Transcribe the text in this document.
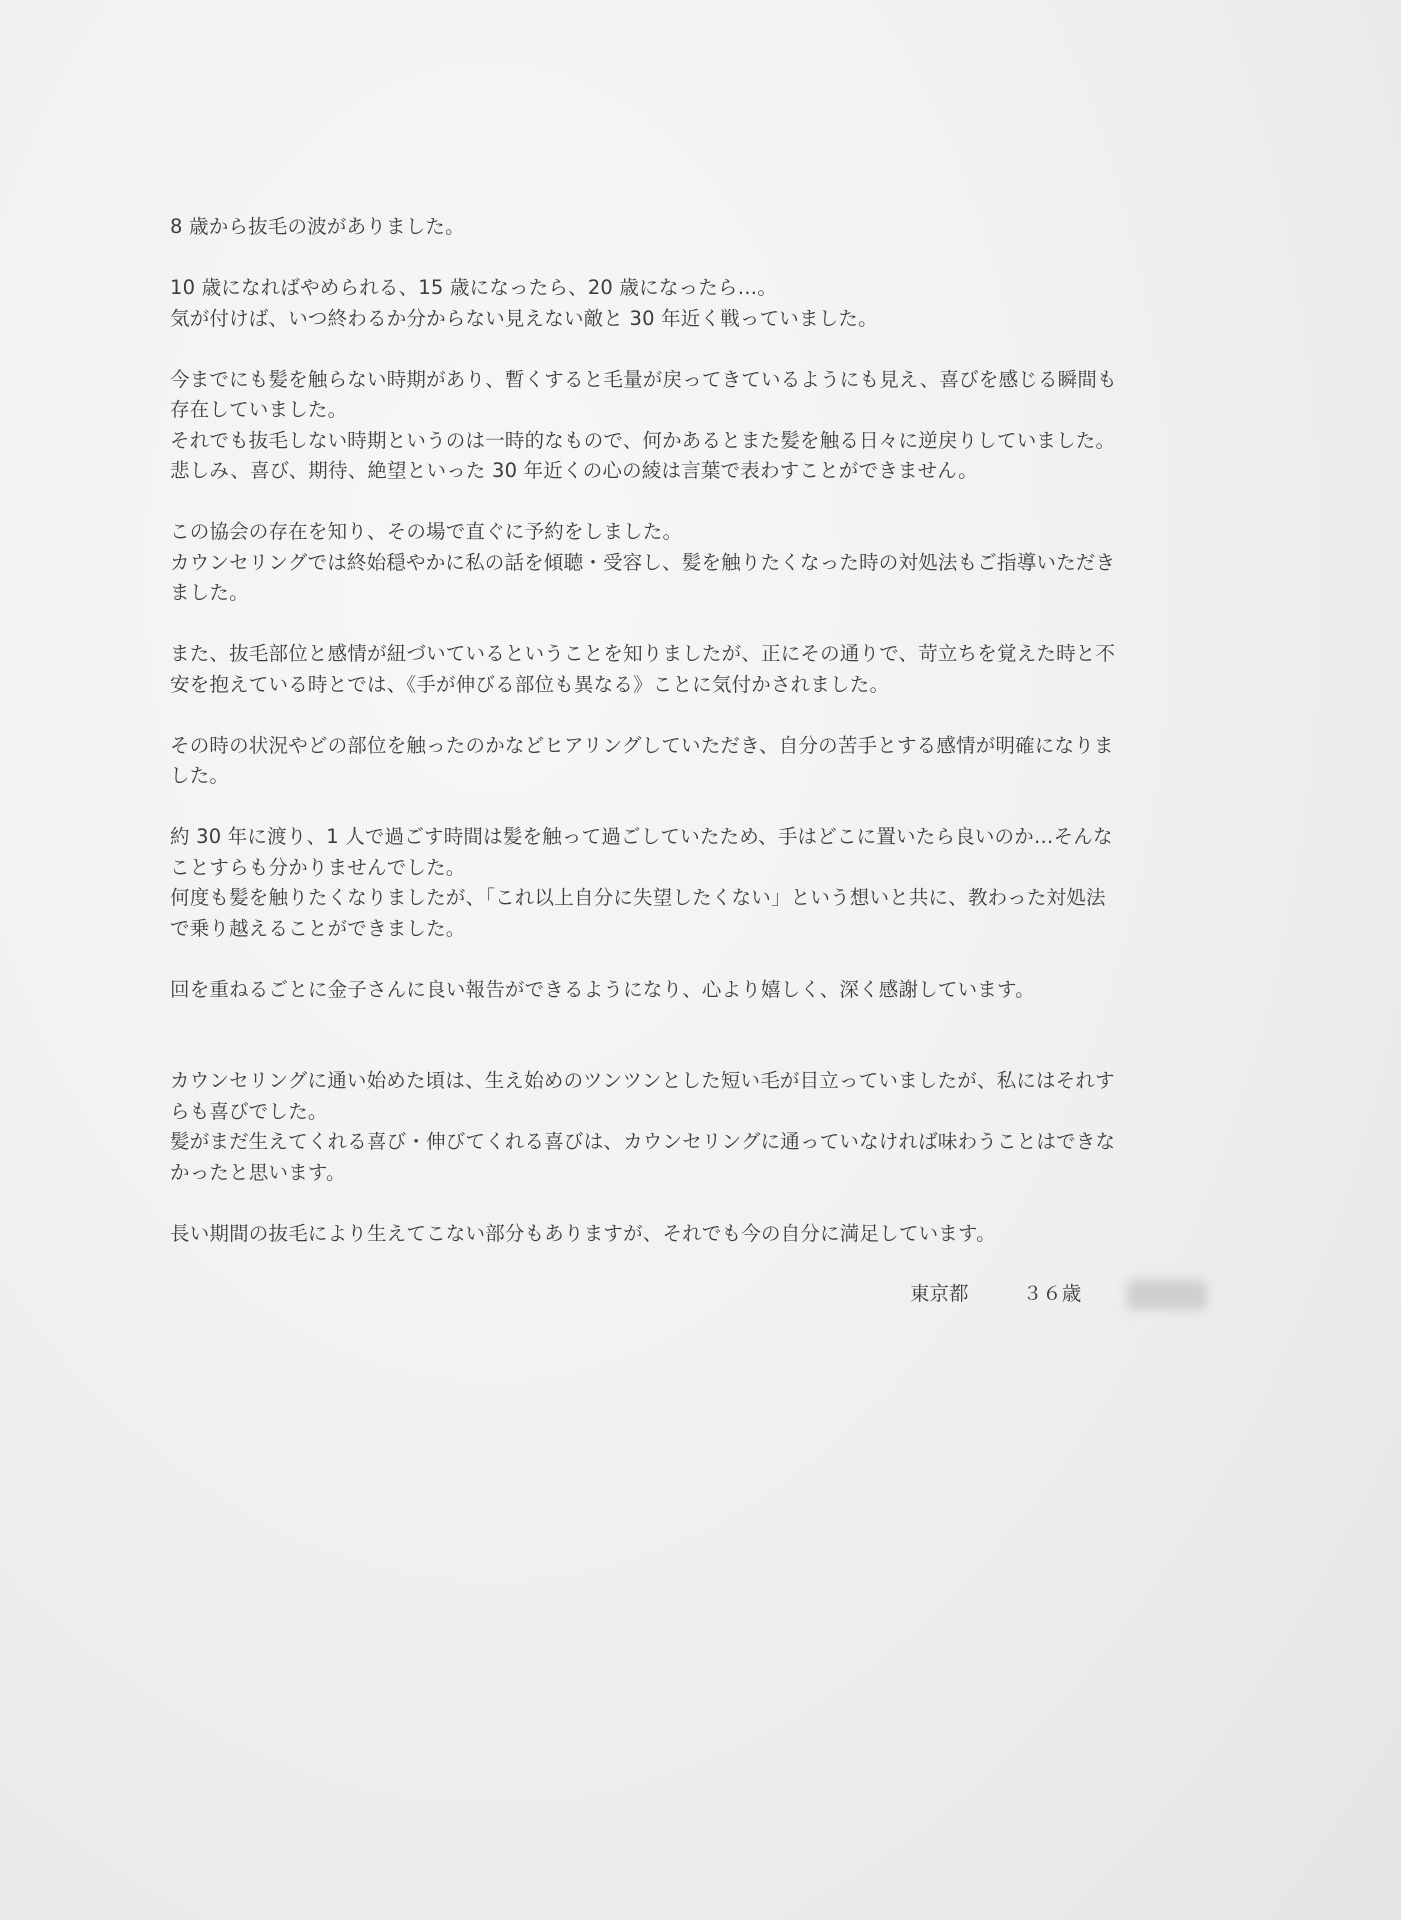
8 歳から抜毛の波がありました。
10 歳になればやめられる、15 歳になったら、20 歳になったら…。
気が付けば、いつ終わるか分からない見えない敵と 30 年近く戦っていました。
今までにも髪を触らない時期があり、暫くすると毛量が戻ってきているようにも見え、喜びを感じる瞬間も
存在していました。
それでも抜毛しない時期というのは一時的なもので、何かあるとまた髪を触る日々に逆戻りしていました。
悲しみ、喜び、期待、絶望といった 30 年近くの心の綾は言葉で表わすことができません。
この協会の存在を知り、その場で直ぐに予約をしました。
カウンセリングでは終始穏やかに私の話を傾聴・受容し、髪を触りたくなった時の対処法もご指導いただき
ました。
また、抜毛部位と感情が紐づいているということを知りましたが、正にその通りで、苛立ちを覚えた時と不
安を抱えている時とでは、《手が伸びる部位も異なる》ことに気付かされました。
その時の状況やどの部位を触ったのかなどヒアリングしていただき、自分の苦手とする感情が明確になりま
した。
約 30 年に渡り、1 人で過ごす時間は髪を触って過ごしていたため、手はどこに置いたら良いのか…そんな
ことすらも分かりませんでした。
何度も髪を触りたくなりましたが、「これ以上自分に失望したくない」という想いと共に、教わった対処法
で乗り越えることができました。
回を重ねるごとに金子さんに良い報告ができるようになり、心より嬉しく、深く感謝しています。
カウンセリングに通い始めた頃は、生え始めのツンツンとした短い毛が目立っていましたが、私にはそれす
らも喜びでした。
髪がまだ生えてくれる喜び・伸びてくれる喜びは、カウンセリングに通っていなければ味わうことはできな
かったと思います。
長い期間の抜毛により生えてこない部分もありますが、それでも今の自分に満足しています。
東京都	３６歳
